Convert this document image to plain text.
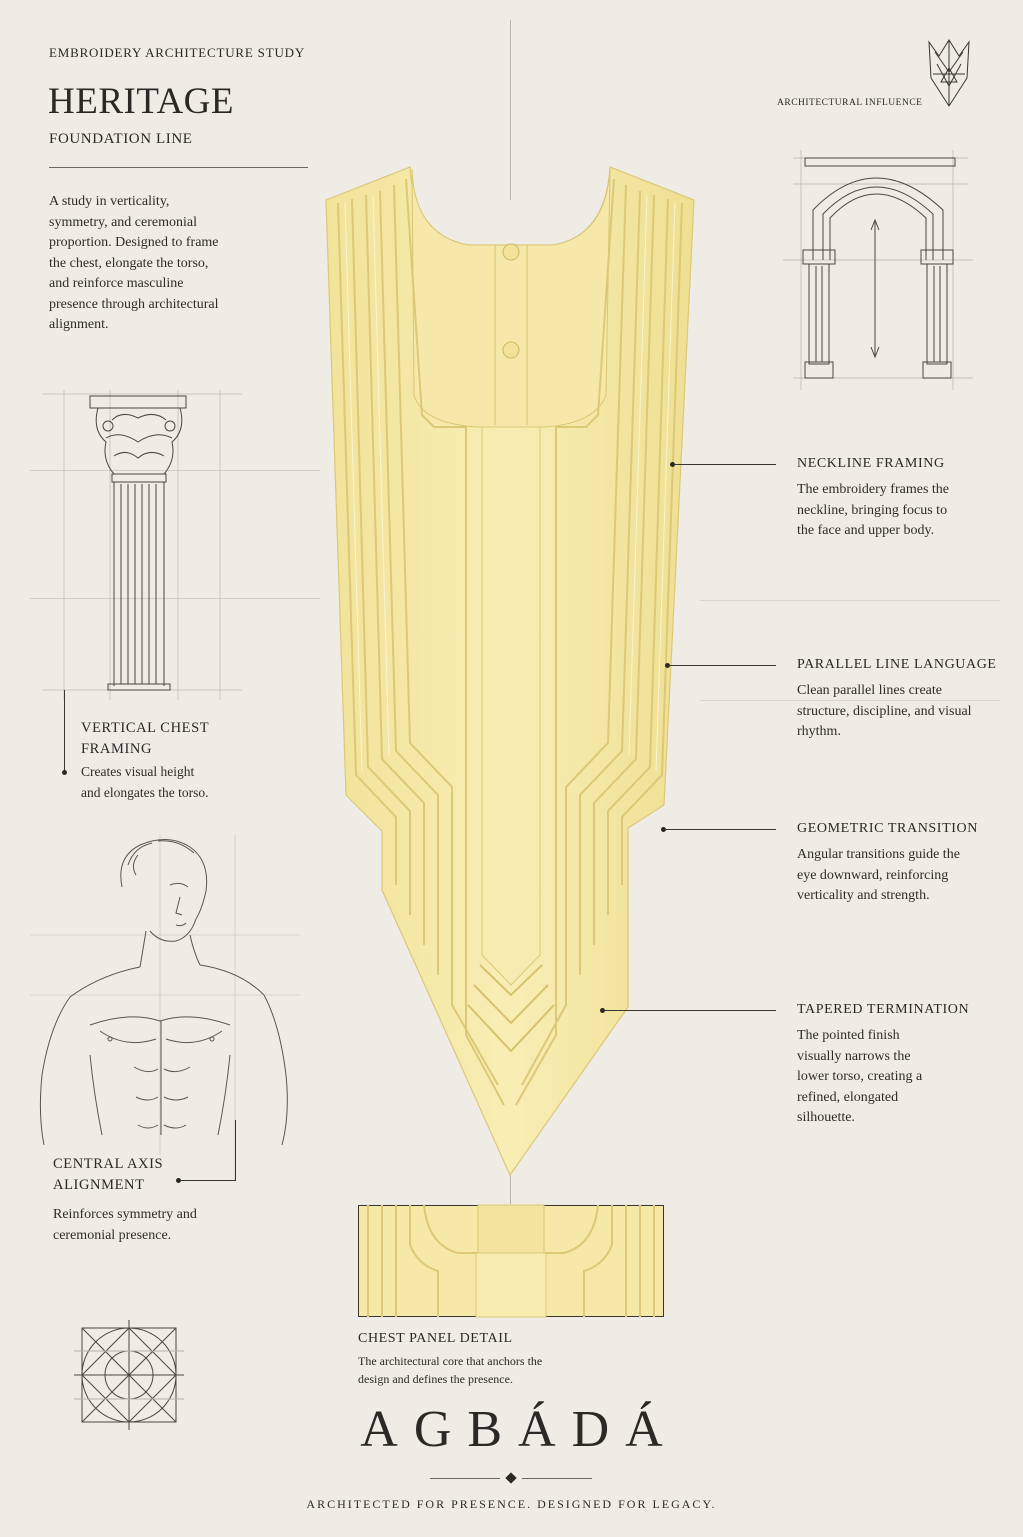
EMBROIDERY ARCHITECTURE STUDY
HERITAGE
FOUNDATION LINE
A study in verticality, symmetry, and ceremonial proportion. Designed to frame the chest, elongate the torso, and reinforce masculine presence through architectural alignment.
ARCHITECTURAL INFLUENCE
VERTICAL CHEST
FRAMING
Creates visual height and elongates the torso.
CENTRAL AXIS
ALIGNMENT
Reinforces symmetry and ceremonial presence.
NECKLINE FRAMING
The embroidery frames the neckline, bringing focus to the face and upper body.
PARALLEL LINE LANGUAGE
Clean parallel lines create structure, discipline, and visual rhythm.
GEOMETRIC TRANSITION
Angular transitions guide the eye downward, reinforcing verticality and strength.
TAPERED TERMINATION
The pointed finish visually narrows the lower torso, creating a refined, elongated silhouette.
CHEST PANEL DETAIL
The architectural core that anchors the design and defines the presence.
AGBÁDÁ
ARCHITECTED FOR PRESENCE. DESIGNED FOR LEGACY.
